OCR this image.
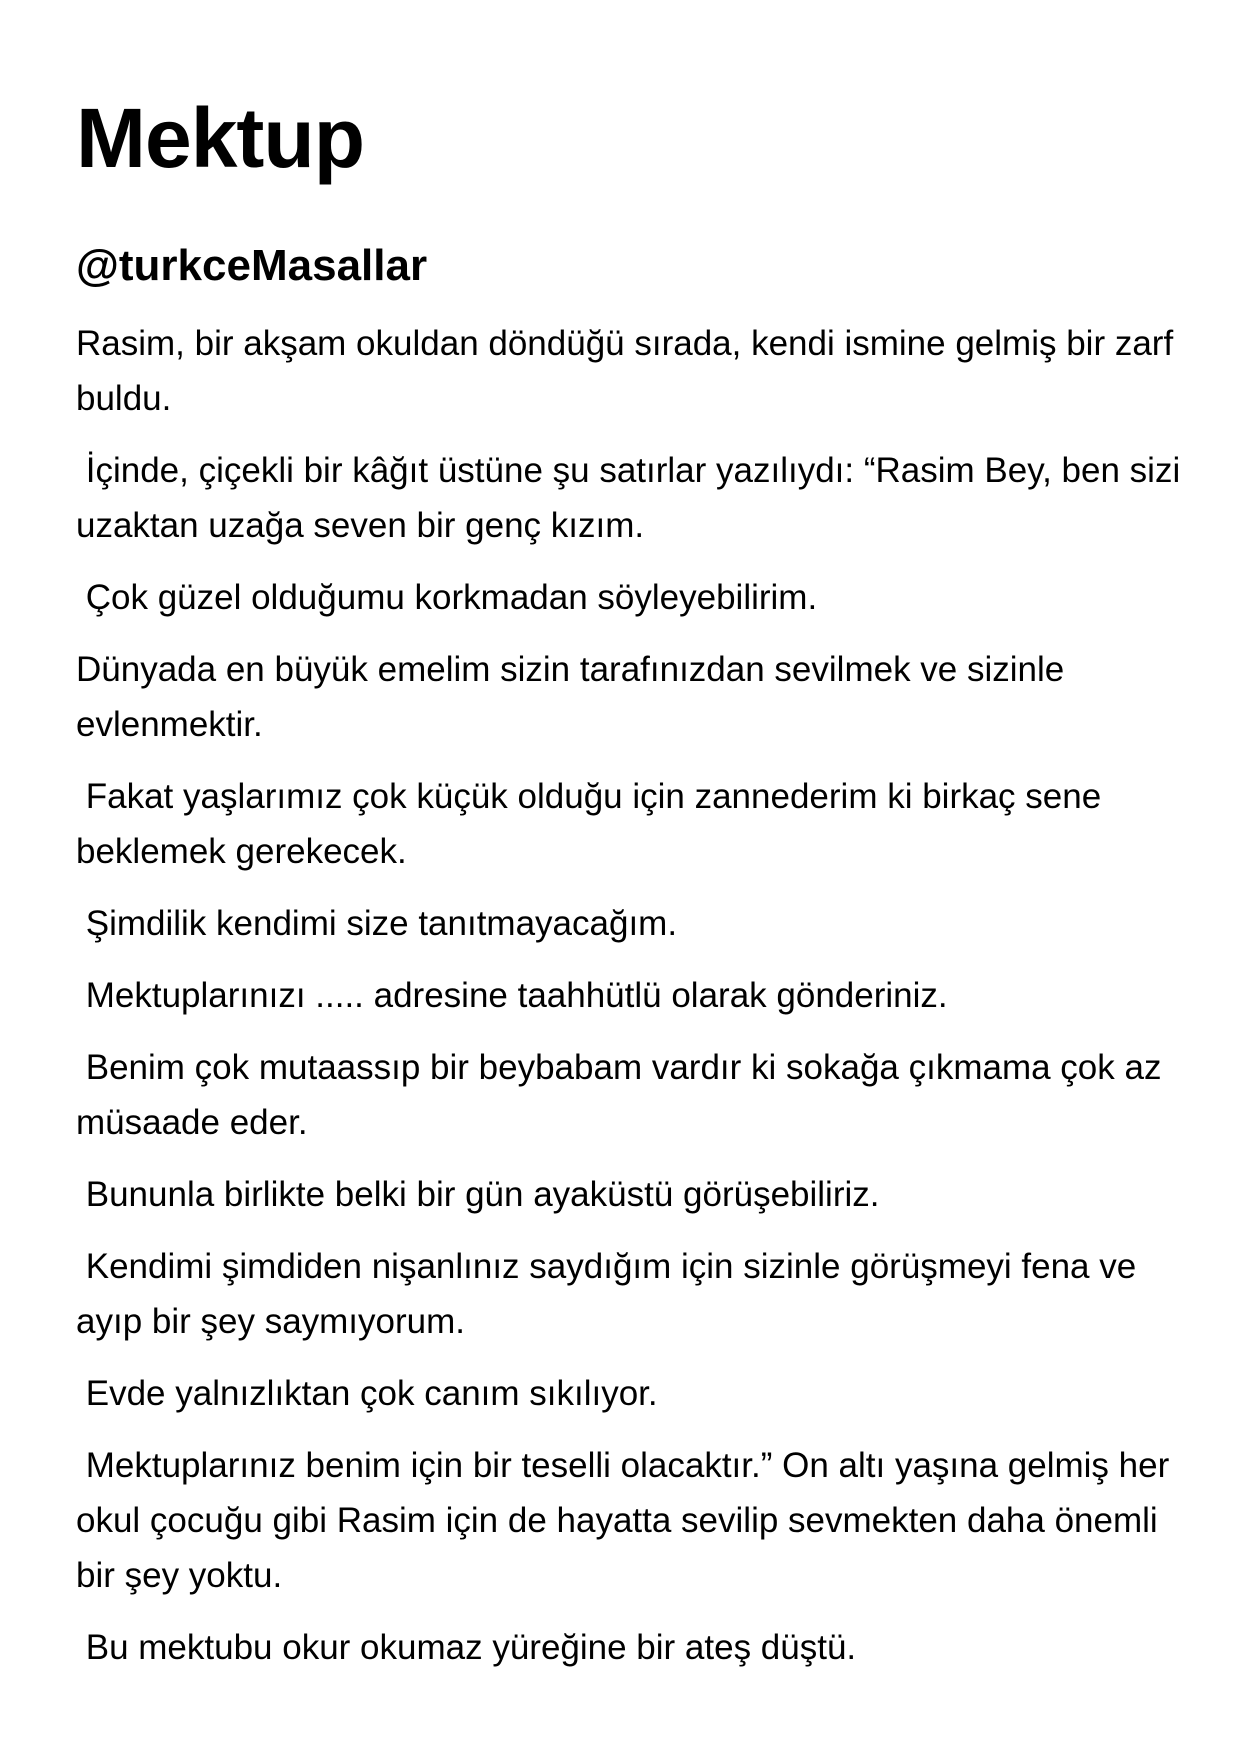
Mektup
@turkceMasallar

Rasim, bir akşam okuldan döndüğü sırada, kendi ismine gelmiş bir zarf buldu.

İçinde, çiçekli bir kâğıt üstüne şu satırlar yazılıydı: “Rasim Bey, ben sizi uzaktan uzağa seven bir genç kızım.

Çok güzel olduğumu korkmadan söyleyebilirim.

Dünyada en büyük emelim sizin tarafınızdan sevilmek ve sizinle evlenmektir.

Fakat yaşlarımız çok küçük olduğu için zannederim ki birkaç sene beklemek gerekecek.

Şimdilik kendimi size tanıtmayacağım.

Mektuplarınızı ..... adresine taahhütlü olarak gönderiniz.

Benim çok mutaassıp bir beybabam vardır ki sokağa çıkmama çok az müsaade eder.

Bununla birlikte belki bir gün ayaküstü görüşebiliriz.

Kendimi şimdiden nişanlınız saydığım için sizinle görüşmeyi fena ve ayıp bir şey saymıyorum.

Evde yalnızlıktan çok canım sıkılıyor.

Mektuplarınız benim için bir teselli olacaktır.” On altı yaşına gelmiş her okul çocuğu gibi Rasim için de hayatta sevilip sevmekten daha önemli bir şey yoktu.

Bu mektubu okur okumaz yüreğine bir ateş düştü.
